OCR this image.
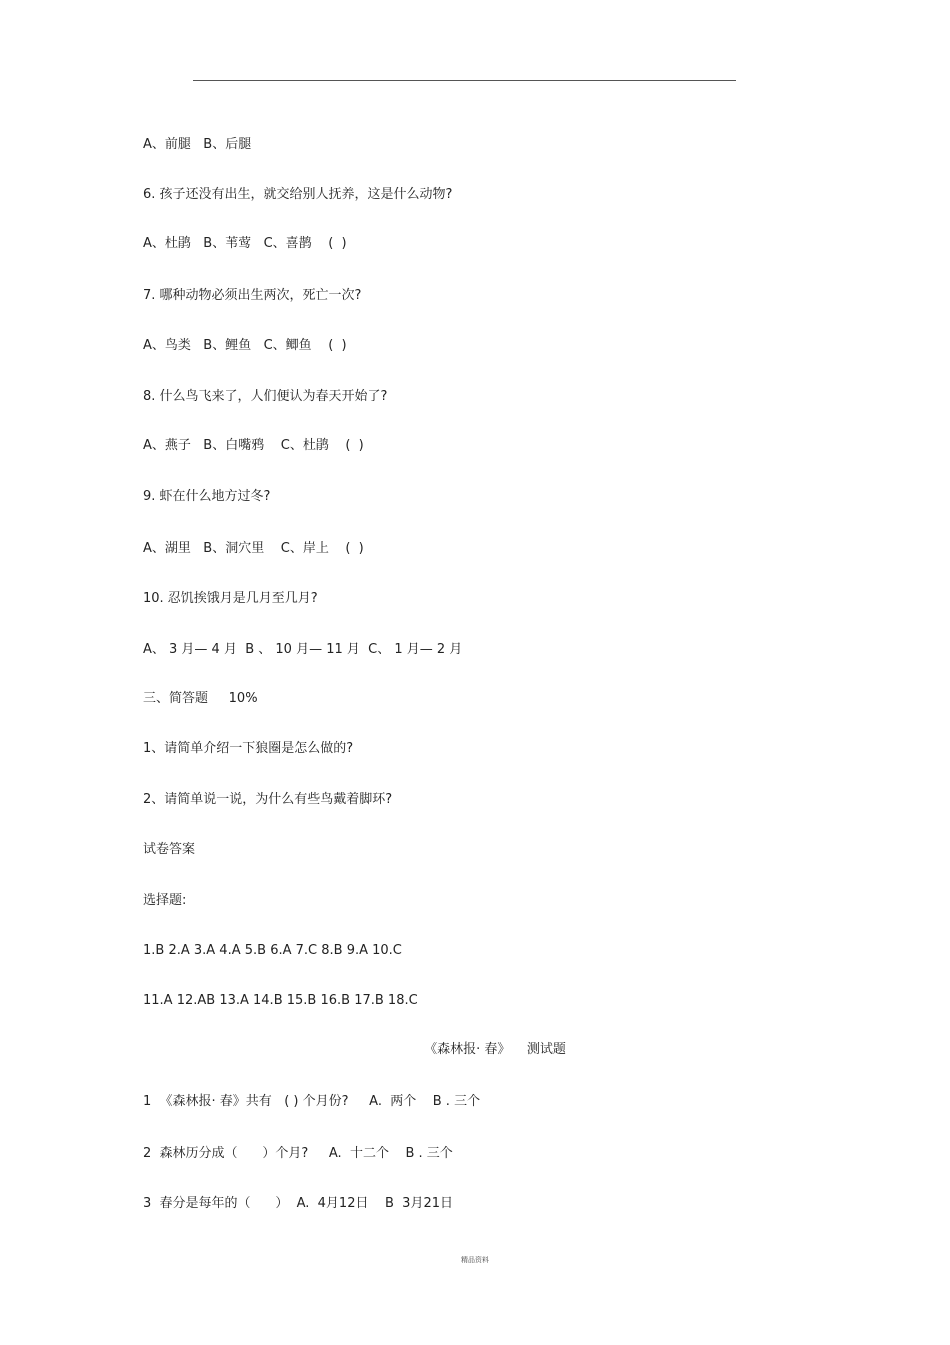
A、前腿   B、后腿
6. 孩子还没有出生，就交给别人抚养，这是什么动物?
A、杜鹃   B、苇莺   C、喜鹊    (  )
7. 哪种动物必须出生两次，死亡一次?
A、鸟类   B、鲤鱼   C、鲫鱼    (  )
8. 什么鸟飞来了，人们便认为春天开始了?
A、燕子   B、白嘴鸦    C、杜鹃    (  )
9. 虾在什么地方过冬?
A、湖里   B、洞穴里    C、岸上    (  )
10. 忍饥挨饿月是几月至几月?
A、 3 月— 4 月  B 、 10 月— 11 月  C、 1 月— 2 月
三、简答题     10%
1、请简单介绍一下狼圈是怎么做的?
2、请简单说一说，为什么有些鸟戴着脚环?
试卷答案
选择题:
1.B 2.A 3.A 4.A 5.B 6.A 7.C 8.B 9.A 10.C
11.A 12.AB 13.A 14.B 15.B 16.B 17.B 18.C
《森林报· 春》    测试题
1  《森林报· 春》共有   ( ) 个月份?     A.  两个    B . 三个
2  森林历分成（      ）个月?     A.  十二个    B . 三个
3  春分是每年的（      ）  A.  4月12日    B  3月21日
精品资料
